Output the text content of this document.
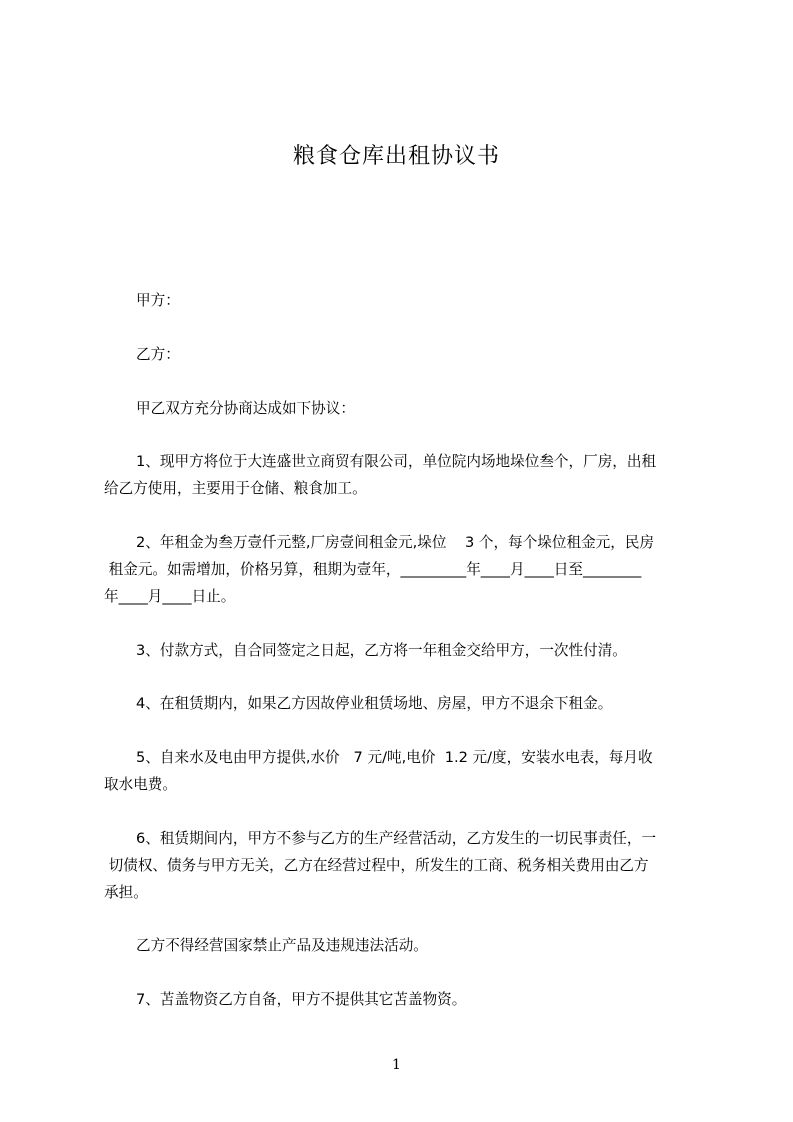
粮食仓库出租协议书
甲方：
乙方：
甲乙双方充分协商达成如下协议：
1、现甲方将位于大连盛世立商贸有限公司，单位院内场地垛位叁个，厂房，出租
给乙方使用，主要用于仓储、粮食加工。
2、年租金为叁万壹仟元整,厂房壹间租金元,垛位    3 个，每个垛位租金元，民房
租金元。如需增加，价格另算，租期为壹年，_________年____月____日至________
年____月____日止。
3、付款方式，自合同签定之日起，乙方将一年租金交给甲方，一次性付清。
4、在租赁期内，如果乙方因故停业租赁场地、房屋，甲方不退余下租金。
5、自来水及电由甲方提供,水价   7 元/吨,电价  1.2 元/度，安装水电表，每月收
取水电费。
6、租赁期间内，甲方不参与乙方的生产经营活动，乙方发生的一切民事责任，一
切债权、债务与甲方无关，乙方在经营过程中，所发生的工商、税务相关费用由乙方
承担。
乙方不得经营国家禁止产品及违规违法活动。
7、苫盖物资乙方自备，甲方不提供其它苫盖物资。
1
